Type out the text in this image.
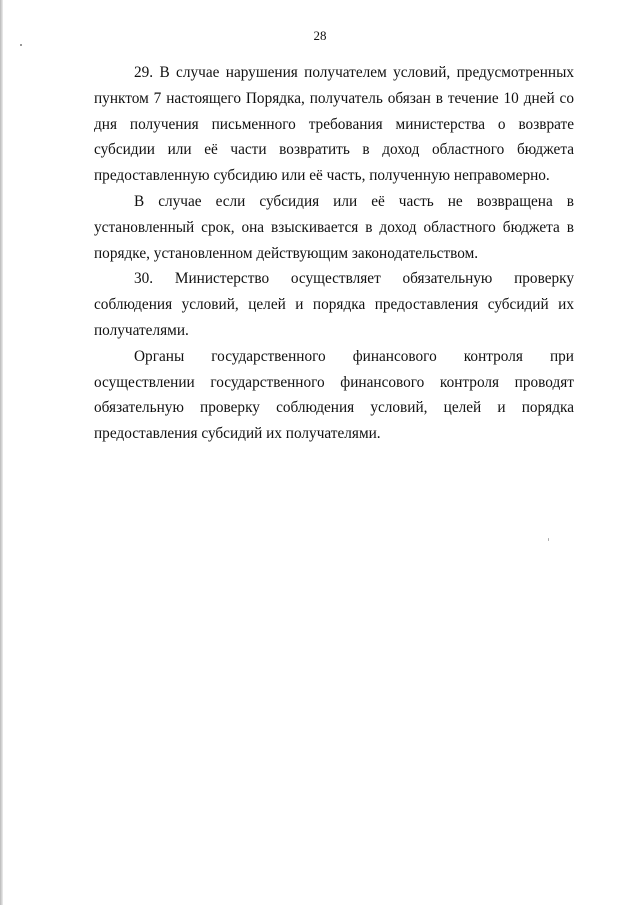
28

29. В случае нарушения получателем условий, предусмотренных пунктом 7 настоящего Порядка, получатель обязан в течение 10 дней со дня получения письменного требования министерства о возврате субсидии или её части возвратить в доход областного бюджета предоставленную субсидию или её часть, полученную неправомерно.

В случае если субсидия или её часть не возвращена в установленный срок, она взыскивается в доход областного бюджета в порядке, установленном действующим законодательством.

30. Министерство осуществляет обязательную проверку соблюдения условий, целей и порядка предоставления субсидий их получателями.

Органы государственного финансового контроля при осуществлении государственного финансового контроля проводят обязательную проверку соблюдения условий, целей и порядка предоставления субсидий их получателями.
